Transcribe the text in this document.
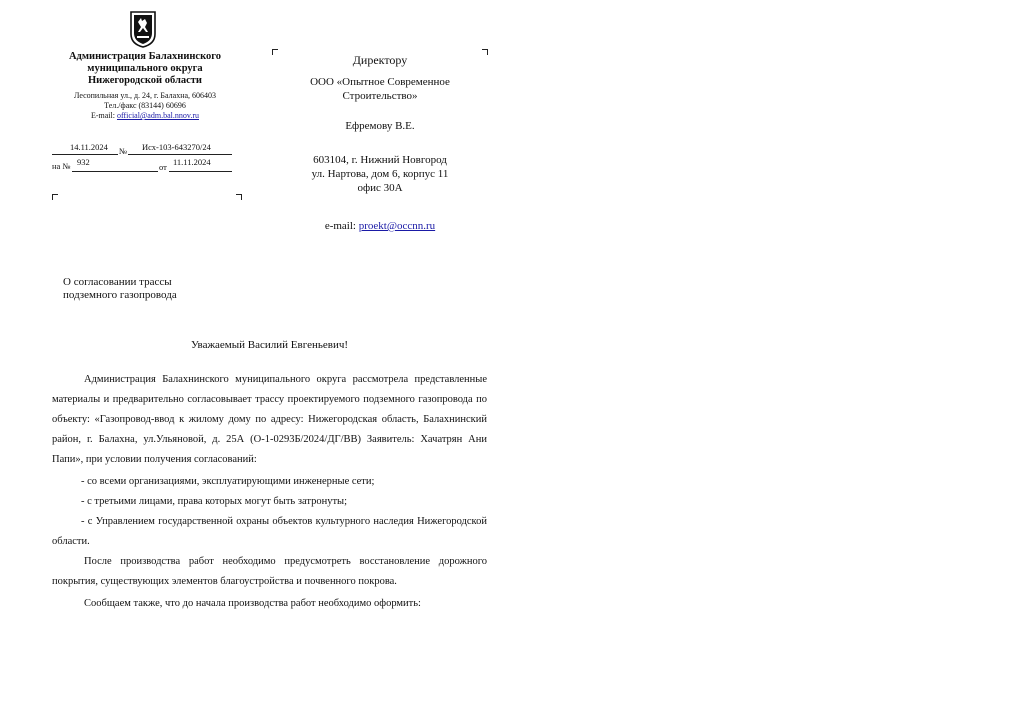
Администрация Балахнинского
муниципального округа
Нижегородской области
Лесопильная ул., д. 24, г. Балахна, 606403
Тел./факс (83144) 60696
E-mail: official@adm.bal.nnov.ru
14.11.2024 № Исх-103-643270/24
на № 932	от 11.11.2024
Директору
ООО «Опытное Современное
Строительство»
Ефремову В.Е.
603104, г. Нижний Новгород
ул. Нартова, дом 6, корпус 11
офис 30А
e-mail: proekt@occnn.ru
О согласовании трассы
подземного газопровода
Уважаемый Василий Евгеньевич!

Администрация Балахнинского муниципального округа рассмотрела представленные материалы и предварительно согласовывает трассу проектируемого подземного газопровода по объекту: «Газопровод-ввод к жилому дому по адресу: Нижегородская область, Балахнинский район, г. Балахна, ул.Ульяновой, д. 25А (О-1-0293Б/2024/ДГ/ВВ) Заявитель: Хачатрян Ани Папи», при условии получения согласований:

- со всеми организациями, эксплуатирующими инженерные сети;

- с третьими лицами, права которых могут быть затронуты;

- с Управлением государственной охраны объектов культурного наследия Нижегородской области.

После производства работ необходимо предусмотреть восстановление дорожного покрытия, существующих элементов благоустройства и почвенного покрова.

Сообщаем также, что до начала производства работ необходимо оформить:
